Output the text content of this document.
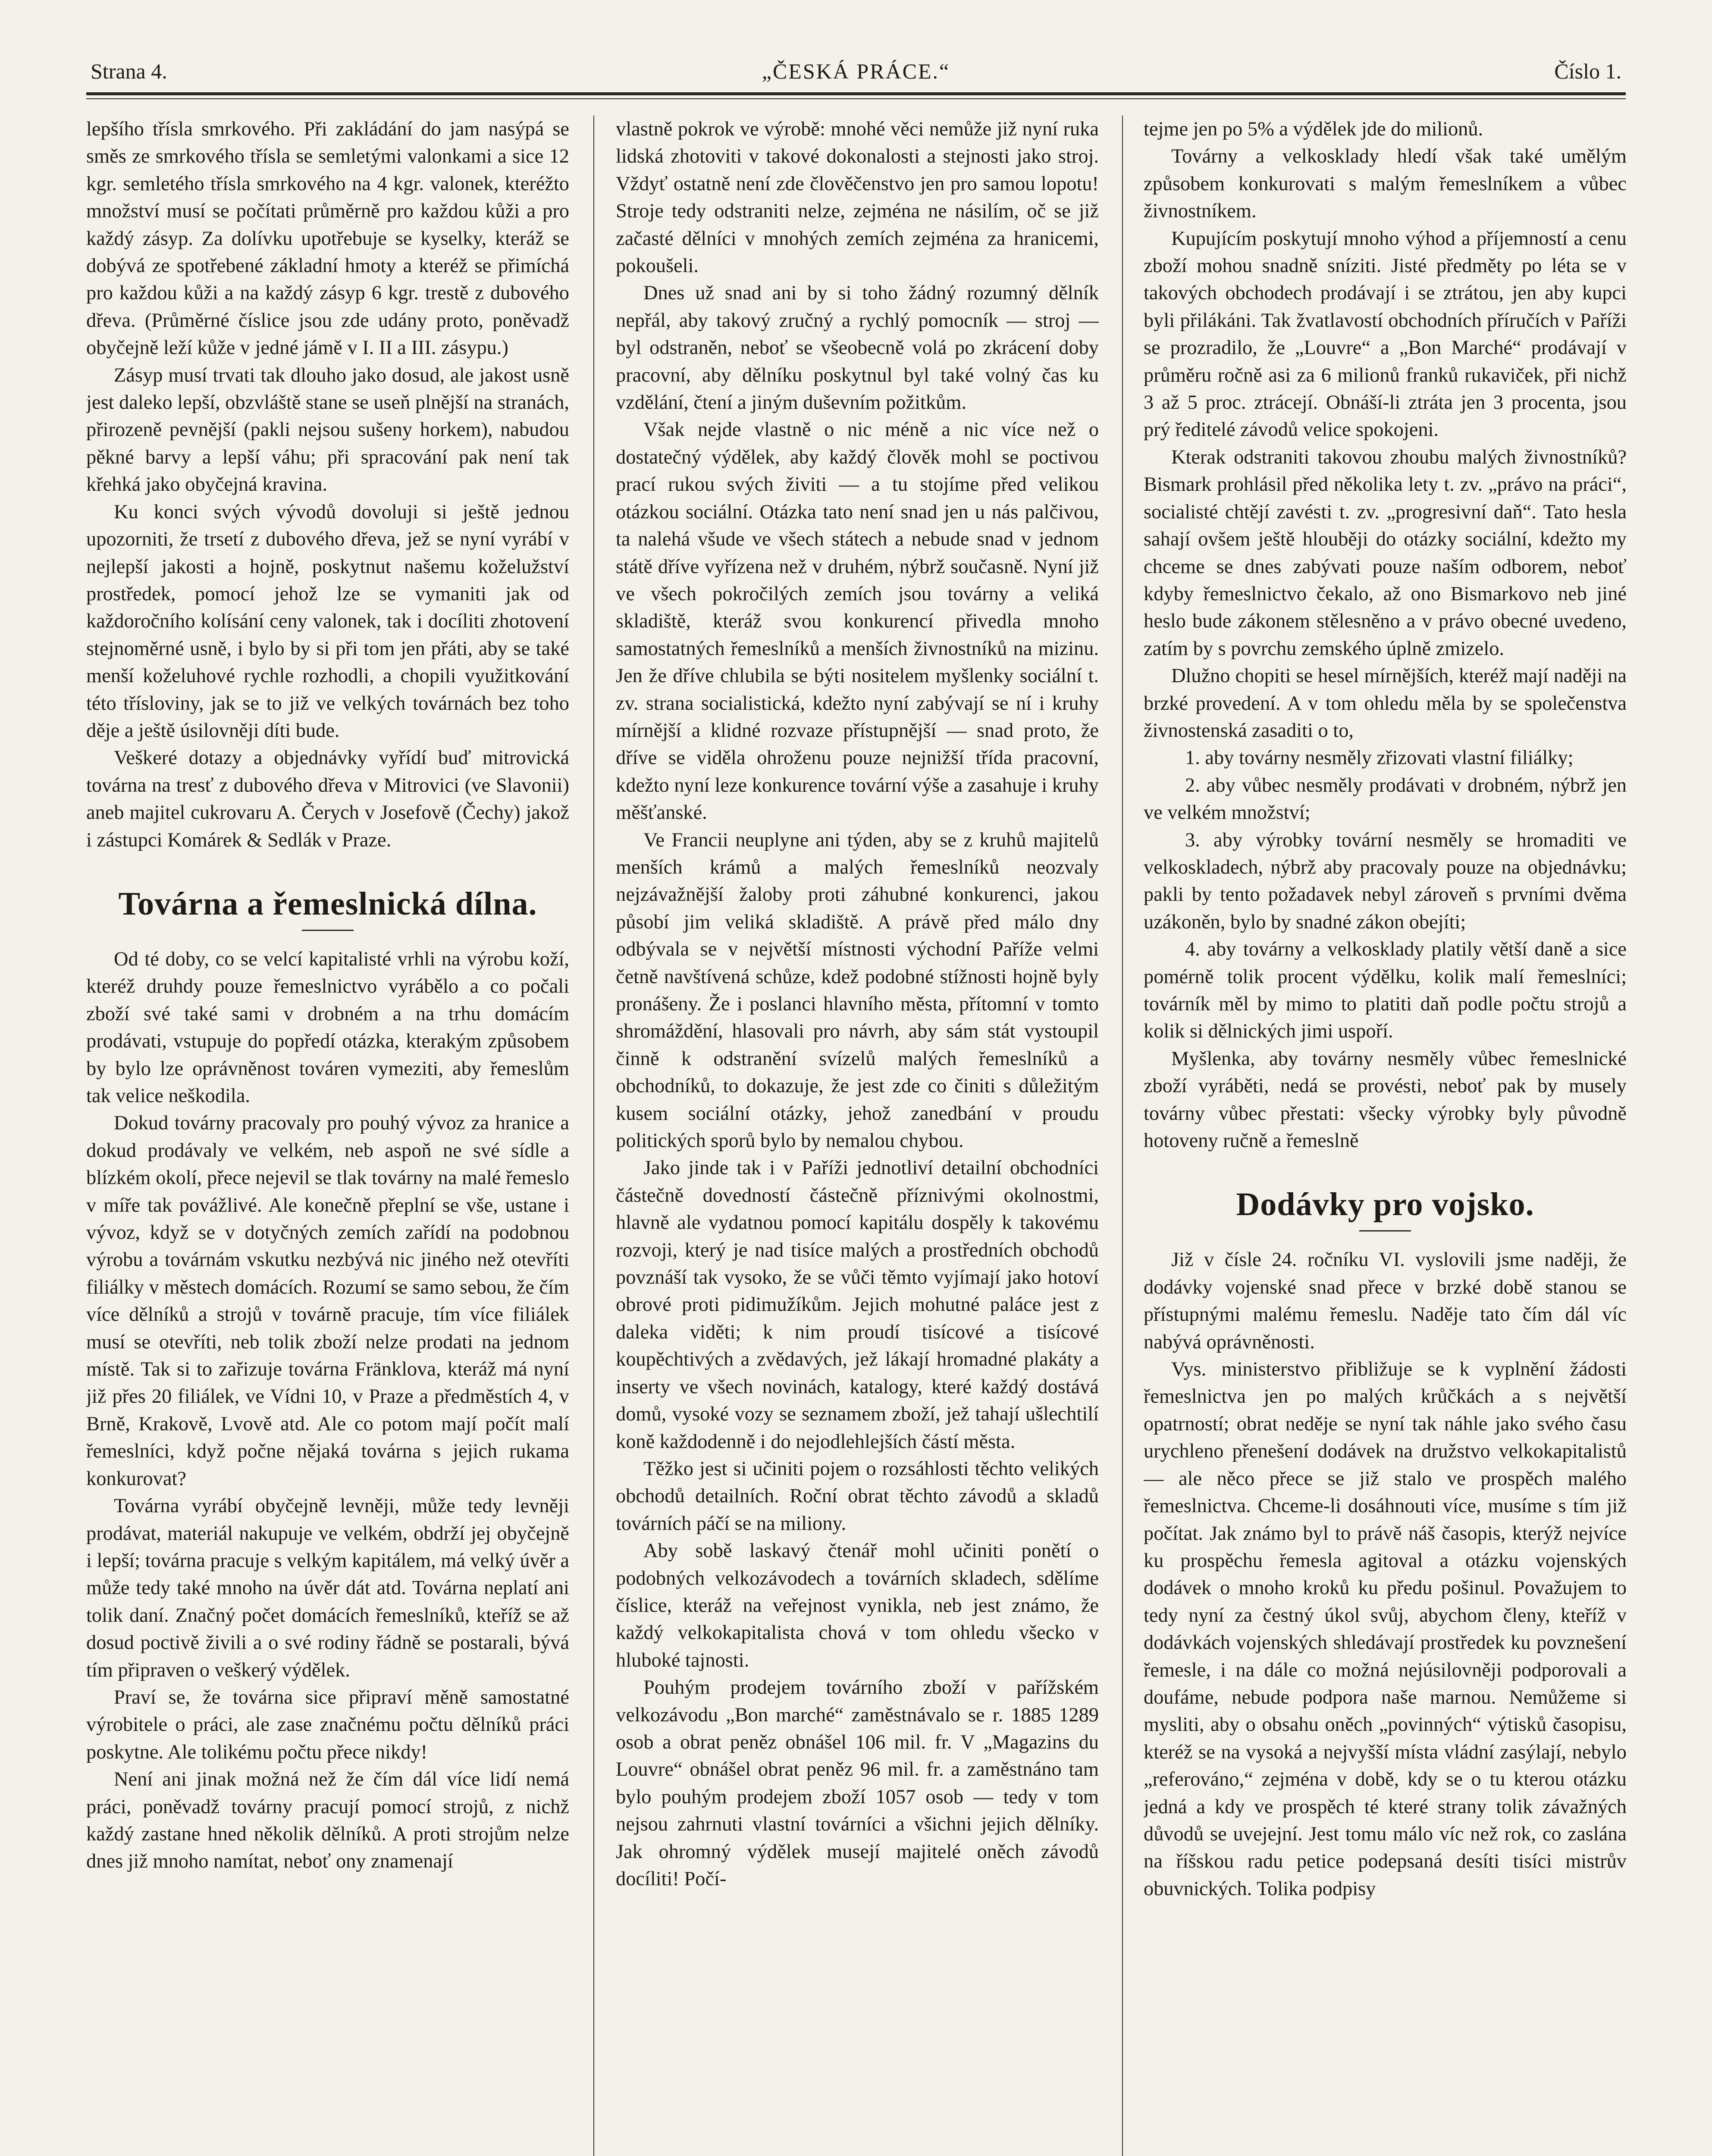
Strana 4.	„ČESKÁ PRÁCE.“	Číslo 1.

lepšího třísla smrkového. Při zakládání do jam nasýpá se směs ze smrkového třísla se semletými valonkami a sice 12 kgr. semletého třísla smrkového na 4 kgr. valonek, kteréžto množství musí se počítati průměrně pro každou kůži a pro každý zásyp. Za dolívku upotřebuje se kyselky, kteráž se dobývá ze spotřebené základní hmoty a kteréž se přimíchá pro každou kůži a na každý zásyp 6 kgr. trestě z dubového dřeva. (Průměrné číslice jsou zde udány proto, poněvadž obyčejně leží kůže v jedné jámě v I. II a III. zásypu.)

Zásyp musí trvati tak dlouho jako dosud, ale jakost usně jest daleko lepší, obzvláště stane se useň plnější na stranách, přirozeně pevnější (pakli nejsou sušeny horkem), nabudou pěkné barvy a lepší váhu; při spracování pak není tak křehká jako obyčejná kravina.

Ku konci svých vývodů dovoluji si ještě jednou upozorniti, že trsetí z dubového dřeva, jež se nyní vyrábí v nejlepší jakosti a hojně, poskytnut našemu koželužství prostředek, pomocí jehož lze se vymaniti jak od každoročního kolísání ceny valonek, tak i docíliti zhotovení stejnoměrné usně, i bylo by si při tom jen přáti, aby se také menší koželuhové rychle rozhodli, a chopili využitkování této třísloviny, jak se to již ve velkých továrnách bez toho děje a ještě úsilovněji díti bude.

Veškeré dotazy a objednávky vyřídí buď mitrovická továrna na tresť z dubového dřeva v Mitrovici (ve Slavonii) aneb majitel cukrovaru A. Čerych v Josefově (Čechy) jakož i zástupci Komárek & Sedlák v Praze.

Továrna a řemeslnická dílna.

Od té doby, co se velcí kapitalisté vrhli na výrobu koží, kteréž druhdy pouze řemeslnictvo vyrábělo a co počali zboží své také sami v drobném a na trhu domácím prodávati, vstupuje do popředí otázka, kterakým způsobem by bylo lze oprávněnost továren vymeziti, aby řemeslům tak velice neškodila.

Dokud továrny pracovaly pro pouhý vývoz za hranice a dokud prodávaly ve velkém, neb aspoň ne své sídle a blízkém okolí, přece nejevil se tlak továrny na malé řemeslo v míře tak povážlivé. Ale konečně přeplní se vše, ustane i vývoz, když se v dotyčných zemích zařídí na podobnou výrobu a továrnám vskutku nezbývá nic jiného než otevříti filiálky v městech domácích. Rozumí se samo sebou, že čím více dělníků a strojů v továrně pracuje, tím více filiálek musí se otevříti, neb tolik zboží nelze prodati na jednom místě. Tak si to zařizuje továrna Fränklova, kteráž má nyní již přes 20 filiálek, ve Vídni 10, v Praze a předměstích 4, v Brně, Krakově, Lvově atd. Ale co potom mají počít malí řemeslníci, když počne nějaká továrna s jejich rukama konkurovat?

Továrna vyrábí obyčejně levněji, může tedy levněji prodávat, materiál nakupuje ve velkém, obdrží jej obyčejně i lepší; továrna pracuje s velkým kapitálem, má velký úvěr a může tedy také mnoho na úvěr dát atd. Továrna neplatí ani tolik daní. Značný počet domácích řemeslníků, kteříž se až dosud poctivě živili a o své rodiny řádně se postarali, bývá tím připraven o veškerý výdělek.

Praví se, že továrna sice připraví měně samostatné výrobitele o práci, ale zase značnému počtu dělníků práci poskytne. Ale tolikému počtu přece nikdy!

Není ani jinak možná než že čím dál více lidí nemá práci, poněvadž továrny pracují pomocí strojů, z nichž každý zastane hned několik dělníků. A proti strojům nelze dnes již mnoho namítat, neboť ony znamenají

vlastně pokrok ve výrobě: mnohé věci nemůže již nyní ruka lidská zhotoviti v takové dokonalosti a stejnosti jako stroj. Vždyť ostatně není zde člověčenstvo jen pro samou lopotu! Stroje tedy odstraniti nelze, zejména ne násilím, oč se již začasté dělníci v mnohých zemích zejména za hranicemi, pokoušeli.

Dnes už snad ani by si toho žádný rozumný dělník nepřál, aby takový zručný a rychlý pomocník — stroj — byl odstraněn, neboť se všeobecně volá po zkrácení doby pracovní, aby dělníku poskytnul byl také volný čas ku vzdělání, čtení a jiným duševním požitkům.

Však nejde vlastně o nic méně a nic více než o dostatečný výdělek, aby každý člověk mohl se poctivou prací rukou svých živiti — a tu stojíme před velikou otázkou sociální. Otázka tato není snad jen u nás palčivou, ta nalehá všude ve všech státech a nebude snad v jednom státě dříve vyřízena než v druhém, nýbrž současně. Nyní již ve všech pokročilých zemích jsou továrny a veliká skladiště, kteráž svou konkurencí přivedla mnoho samostatných řemeslníků a menších živnostníků na mizinu. Jen že dříve chlubila se býti nositelem myšlenky sociální t. zv. strana socialistická, kdežto nyní zabývají se ní i kruhy mírnější a klidné rozvaze přístupnější — snad proto, že dříve se viděla ohroženu pouze nejnižší třída pracovní, kdežto nyní leze konkurence tovární výše a zasahuje i kruhy měšťanské.

Ve Francii neuplyne ani týden, aby se z kruhů majitelů menších krámů a malých řemeslníků neozvaly nejzávažnější žaloby proti záhubné konkurenci, jakou působí jim veliká skladiště. A právě před málo dny odbývala se v největší místnosti východní Paříže velmi četně navštívená schůze, kdež podobné stížnosti hojně byly pronášeny. Že i poslanci hlavního města, přítomní v tomto shromáždění, hlasovali pro návrh, aby sám stát vystoupil činně k odstranění svízelů malých řemeslníků a obchodníků, to dokazuje, že jest zde co činiti s důležitým kusem sociální otázky, jehož zanedbání v proudu politických sporů bylo by nemalou chybou.

Jako jinde tak i v Paříži jednotliví detailní obchodníci částečně dovedností částečně příznivými okolnostmi, hlavně ale vydatnou pomocí kapitálu dospěly k takovému rozvoji, který je nad tisíce malých a prostředních obchodů povznáší tak vysoko, že se vůči těmto vyjímají jako hotoví obrové proti pidimužíkům. Jejich mohutné paláce jest z daleka viděti; k nim proudí tisícové a tisícové koupěchtivých a zvědavých, jež lákají hromadné plakáty a inserty ve všech novinách, katalogy, které každý dostává domů, vysoké vozy se seznamem zboží, jež tahají ušlechtilí koně každodenně i do nejodlehlejších částí města.

Těžko jest si učiniti pojem o rozsáhlosti těchto velikých obchodů detailních. Roční obrat těchto závodů a skladů továrních páčí se na miliony.

Aby sobě laskavý čtenář mohl učiniti ponětí o podobných velkozávodech a továrních skladech, sdělíme číslice, kteráž na veřejnost vynikla, neb jest známo, že každý velkokapitalista chová v tom ohledu všecko v hluboké tajnosti.

Pouhým prodejem továrního zboží v pařížském velkozávodu „Bon marché“ zaměstnávalo se r. 1885 1289 osob a obrat peněz obnášel 106 mil. fr. V „Magazins du Louvre“ obnášel obrat peněz 96 mil. fr. a zaměstnáno tam bylo pouhým prodejem zboží 1057 osob — tedy v tom nejsou zahrnuti vlastní továrníci a všichni jejich dělníky. Jak ohromný výdělek musejí majitelé oněch závodů docíliti! Počí-

tejme jen po 5% a výdělek jde do milionů.

Továrny a velkosklady hledí však také umělým způsobem konkurovati s malým řemeslníkem a vůbec živnostníkem.

Kupujícím poskytují mnoho výhod a příjemností a cenu zboží mohou snadně sníziti. Jisté předměty po léta se v takových obchodech prodávají i se ztrátou, jen aby kupci byli přilákáni. Tak žvatlavostí obchodních příručích v Paříži se prozradilo, že „Louvre“ a „Bon Marché“ prodávají v průměru ročně asi za 6 milionů franků rukaviček, při nichž 3 až 5 proc. ztrácejí. Obnáší-li ztráta jen 3 procenta, jsou prý ředitelé závodů velice spokojeni.

Kterak odstraniti takovou zhoubu malých živnostníků? Bismark prohlásil před několika lety t. zv. „právo na práci“, socialisté chtějí zavésti t. zv. „progresivní daň“. Tato hesla sahají ovšem ještě hlouběji do otázky sociální, kdežto my chceme se dnes zabývati pouze naším odborem, neboť kdyby řemeslnictvo čekalo, až ono Bismarkovo neb jiné heslo bude zákonem stělesněno a v právo obecné uvedeno, zatím by s povrchu zemského úplně zmizelo.

Dlužno chopiti se hesel mírnějších, kteréž mají naději na brzké provedení. A v tom ohledu měla by se společenstva živnostenská zasaditi o to,

1. aby továrny nesměly zřizovati vlastní filiálky;

2. aby vůbec nesměly prodávati v drobném, nýbrž jen ve velkém množství;

3. aby výrobky tovární nesměly se hromaditi ve velkoskladech, nýbrž aby pracovaly pouze na objednávku; pakli by tento požadavek nebyl zároveň s prvními dvěma uzákoněn, bylo by snadné zákon obejíti;

4. aby továrny a velkosklady platily větší daně a sice pomérně tolik procent výdělku, kolik malí řemeslníci; továrník měl by mimo to platiti daň podle počtu strojů a kolik si dělnických jimi uspoří.

Myšlenka, aby továrny nesměly vůbec řemeslnické zboží vyráběti, nedá se provésti, neboť pak by musely továrny vůbec přestati: všecky výrobky byly původně hotoveny ručně a řemeslně

Dodávky pro vojsko.

Již v čísle 24. ročníku VI. vyslovili jsme naději, že dodávky vojenské snad přece v brzké době stanou se přístupnými malému řemeslu. Naděje tato čím dál víc nabývá oprávněnosti.

Vys. ministerstvo přibližuje se k vyplnění žádosti řemeslnictva jen po malých krůčkách a s největší opatrností; obrat neděje se nyní tak náhle jako svého času urychleno přenešení dodávek na družstvo velkokapitalistů — ale něco přece se již stalo ve prospěch malého řemeslnictva. Chceme-li dosáhnouti více, musíme s tím již počítat. Jak známo byl to právě náš časopis, kterýž nejvíce ku prospěchu řemesla agitoval a otázku vojenských dodávek o mnoho kroků ku předu pošinul. Považujem to tedy nyní za čestný úkol svůj, abychom členy, kteříž v dodávkách vojenských shledávají prostředek ku povznešení řemesle, i na dále co možná nejúsilovněji podporovali a doufáme, nebude podpora naše marnou. Nemůžeme si mysliti, aby o obsahu oněch „povinných“ výtisků časopisu, kteréž se na vysoká a nejvyšší místa vládní zasýlají, nebylo „referováno,“ zejména v době, kdy se o tu kterou otázku jedná a kdy ve prospěch té které strany tolik závažných důvodů se uvejejní. Jest tomu málo víc než rok, co zaslána na říšskou radu petice podepsaná desíti tisíci mistrův obuvnických. Tolika podpisy
